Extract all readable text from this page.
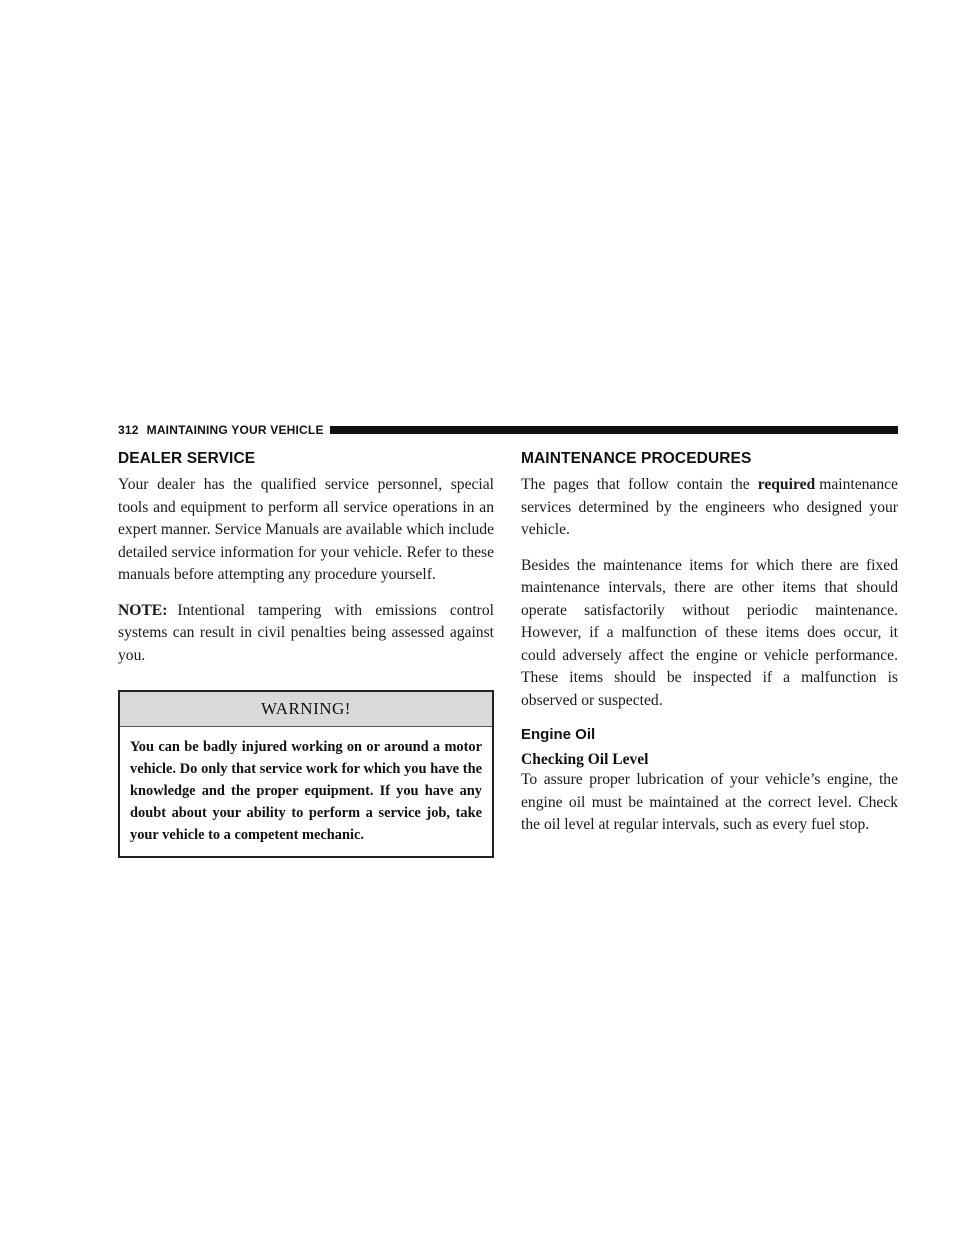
312 MAINTAINING YOUR VEHICLE
DEALER SERVICE

Your dealer has the qualified service personnel, special tools and equipment to perform all service operations in an expert manner. Service Manuals are available which include detailed service information for your vehicle. Refer to these manuals before attempting any procedure yourself.

NOTE: Intentional tampering with emissions control systems can result in civil penalties being assessed against you.

WARNING!
You can be badly injured working on or around a motor vehicle. Do only that service work for which you have the knowledge and the proper equipment. If you have any doubt about your ability to perform a service job, take your vehicle to a competent mechanic.
MAINTENANCE PROCEDURES

The pages that follow contain the required maintenance services determined by the engineers who designed your vehicle.

Besides the maintenance items for which there are fixed maintenance intervals, there are other items that should operate satisfactorily without periodic maintenance. However, if a malfunction of these items does occur, it could adversely affect the engine or vehicle performance. These items should be inspected if a malfunction is observed or suspected.

Engine Oil
Checking Oil Level

To assure proper lubrication of your vehicle’s engine, the engine oil must be maintained at the correct level. Check the oil level at regular intervals, such as every fuel stop.
